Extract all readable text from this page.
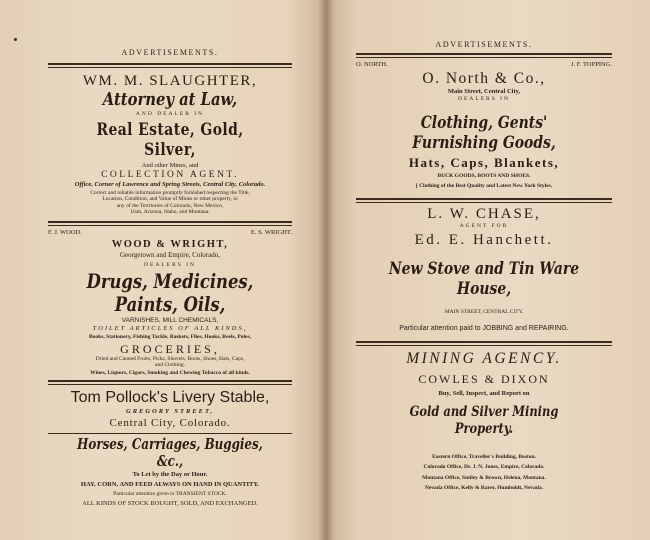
ADVERTISEMENTS.
WM. M. SLAUGHTER,
Attorney at Law,
AND DEALER IN
Real Estate, Gold, Silver,
And other Mines, and
COLLECTION AGENT.
Office, Corner of Lawrence and Spring Streets, Central City, Colorado.
Correct and reliable information promptly furnished respecting the Title,
Location, Condition, and Value of Mines or other property, in
any of the Territories of Colorado, New Mexico,
Utah, Arizona, Idaho, and Montana.
F. J. WOOD.	E. S. WRIGHT.
WOOD & WRIGHT,
Georgetown and Empire, Colorado,
DEALERS IN
Drugs, Medicines, Paints, Oils,
VARNISHES, MILL CHEMICALS,
TOILET ARTICLES OF ALL KINDS,
Books, Stationery, Fishing Tackle, Baskets, Flies, Hooks, Reels, Poles,
GROCERIES,
Dried and Canned Fruits, Picks, Shovels, Boots, Shoes, Hats, Caps,
and Clothing.
Wines, Liquors, Cigars, Smoking and Chewing Tobacco of all kinds.
Tom Pollock's Livery Stable,
GREGORY STREET,
Central City, Colorado.
Horses, Carriages, Buggies, &c.,
To Let by the Day or Hour.
HAY, CORN, AND FEED ALWAYS ON HAND IN QUANTITY.
Particular attention given to TRANSIENT STOCK.
ALL KINDS OF STOCK BOUGHT, SOLD, AND EXCHANGED.
ADVERTISEMENTS.
O. NORTH.	J. F. TOPPING.
O. North & Co.,
Main Street, Central City,
DEALERS IN
Clothing, Gents' Furnishing Goods,
Hats, Caps, Blankets,
BUCK GOODS, BOOTS AND SHOES.
[ Clothing of the Best Quality and Latest New York Styles.
L. W. CHASE,
AGENT FOR
Ed. E. Hanchett.
New Stove and Tin Ware House,
MAIN STREET, CENTRAL CITY.
Particular attention paid to JOBBING and REPAIRING.
MINING AGENCY.
COWLES & DIXON
Buy, Sell, Inspect, and Report on
Gold and Silver Mining Property.
Eastern Office, Traveller's Building, Boston.
Colorado Office, Dr. J. N. Jones, Empire, Colorado.
Montana Office, Smiley & Brown, Helena, Montana.
Nevada Office, Kelly & Rarer, Humboldt, Nevada.
